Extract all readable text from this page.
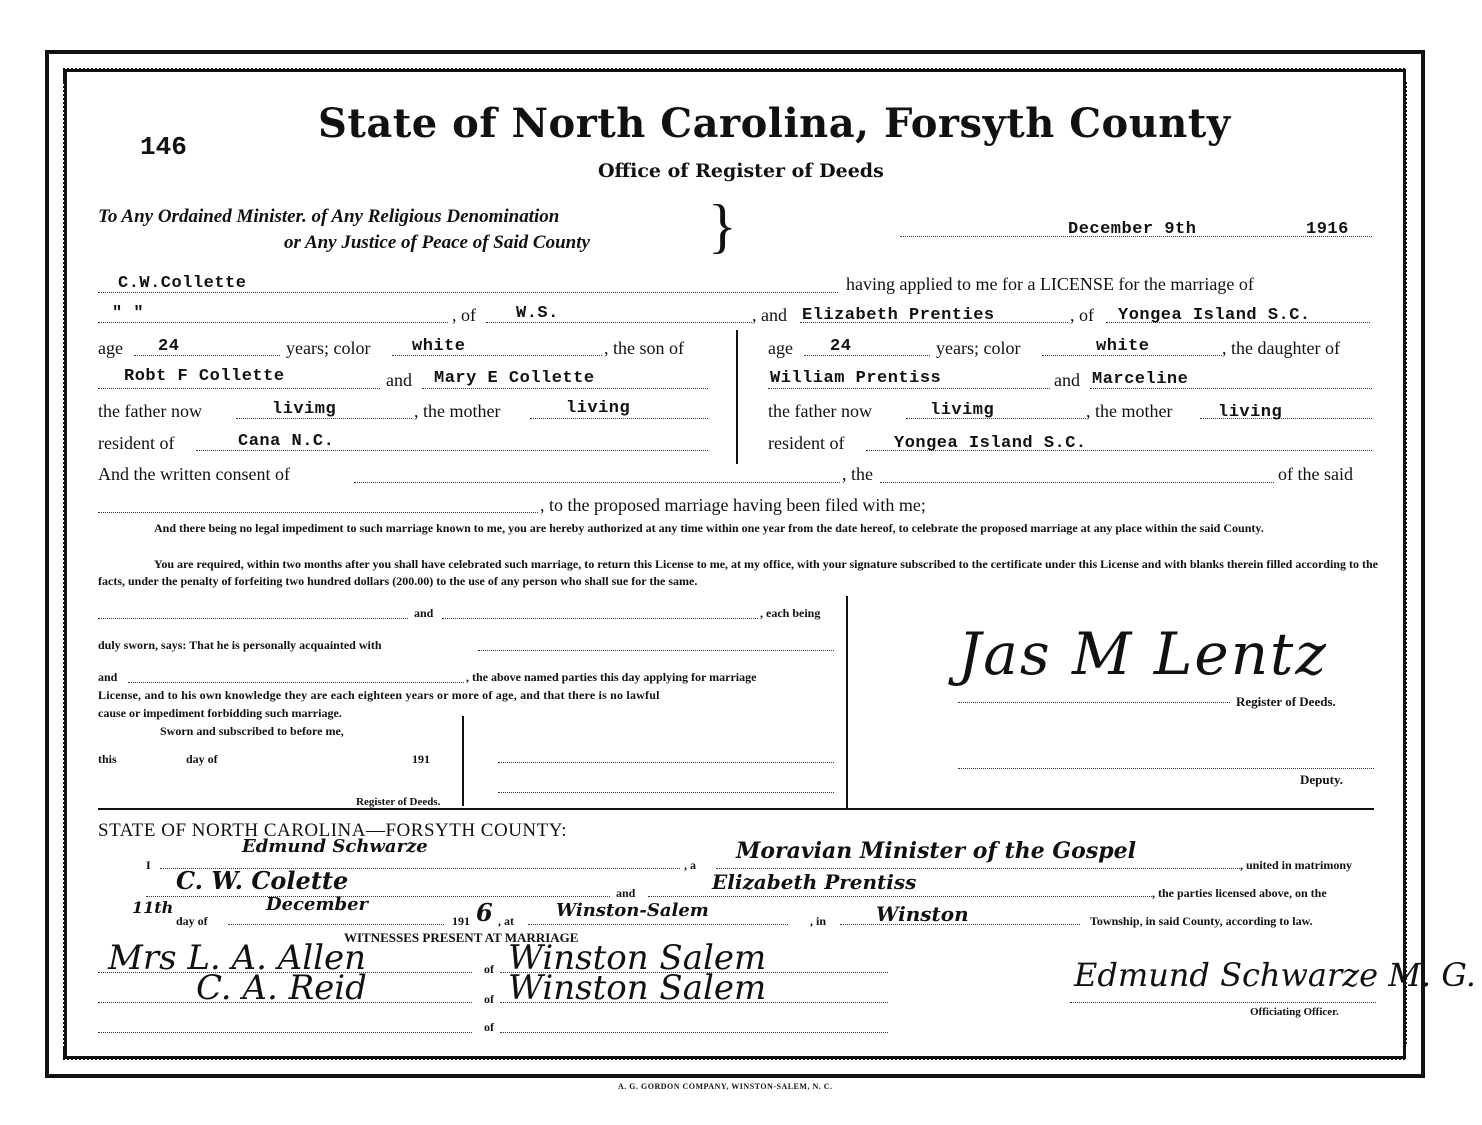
146	State of North Carolina, Forsyth County
Office of Register of Deeds
To Any Ordained Minister. of Any Religious Denomination
or Any Justice of Peace of Said County }	December 9th	1916
C.W.Collette	having applied to me for a LICENSE for the marriage of
" "	, of W.S.	, and Elizabeth Prenties	, of Yongea Island S.C.
age 24	years; color white	, the son of
Robt F Collette	and Mary E Collette
the father now	livimg	, the mother	living
resident of	Cana N.C.
age 24	years; color	white	, the daughter of
William Prentiss	and Marceline
the father now	livimg	, the mother	living
resident of	Yongea Island S.C.
And the written consent of	, the	of the said
, to the proposed marriage having been filed with me;
And there being no legal impediment to such marriage known to me, you are hereby authorized at any time within one year from the date hereof, to celebrate the proposed marriage at any place within the said County.
You are required, within two months after you shall have celebrated such marriage, to return this License to me, at my office, with your signature subscribed to the certificate under this License and with blanks therein filled according to the facts, under the penalty of forfeiting two hundred dollars (200.00) to the use of any person who shall sue for the same.
and	, each being
duly sworn, says: That he is personally acquainted with
and	, the above named parties this day applying for marriage
License, and to his own knowledge they are each eighteen years or more of age, and that there is no lawful
cause or impediment forbidding such marriage.
Sworn and subscribed to before me,
this	day of	191
Register of Deeds.
Jas M Lentz
Register of Deeds.
Deputy.
STATE OF NORTH CAROLINA—FORSYTH COUNTY:
I
Edmund Schwarze
, a
Moravian Minister of the Gospel
, united in matrimony
C. W. Colette	and	Elizabeth Prentiss	, the parties licensed above, on the
11th
day of
December
191 6 , at Winston-Salem	, in Winston	Township, in said County, according to law.
WITNESSES PRESENT AT MARRIAGE
Mrs L. A. Allen	of Winston Salem
C. A. Reid	of Winston Salem
of
Edmund Schwarze M. G.
Officiating Officer.
A. G. GORDON COMPANY, WINSTON-SALEM, N. C.
